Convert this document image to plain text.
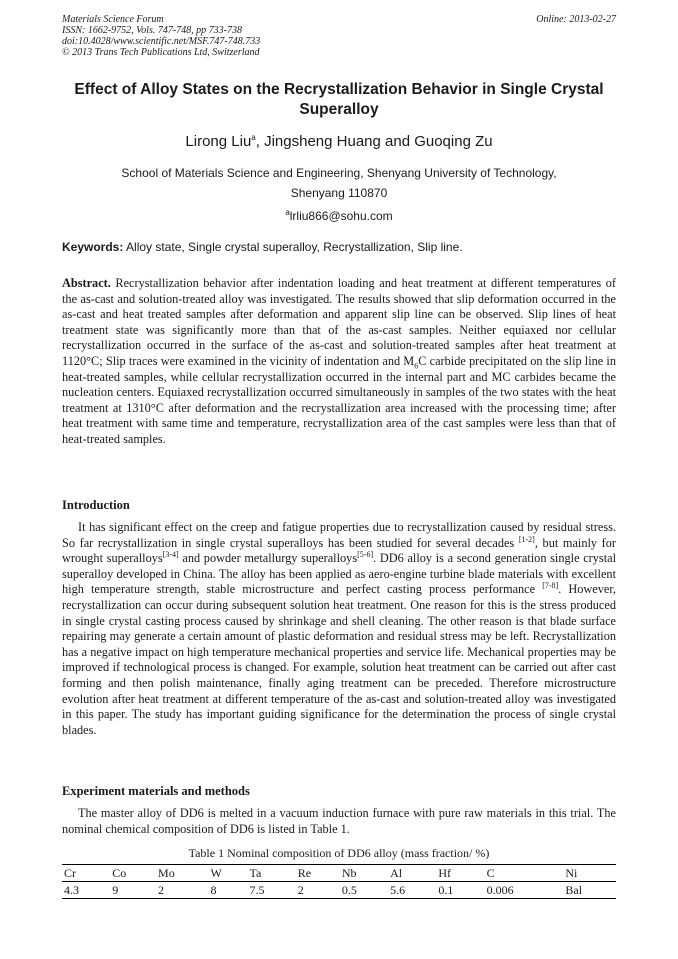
Materials Science Forum
ISSN: 1662-9752, Vols. 747-748, pp 733-738
doi:10.4028/www.scientific.net/MSF.747-748.733
© 2013 Trans Tech Publications Ltd, Switzerland
Online: 2013-02-27
Effect of Alloy States on the Recrystallization Behavior in Single Crystal Superalloy
Lirong Liu$^a$, Jingsheng Huang and Guoqing Zu
School of Materials Science and Engineering, Shenyang University of Technology,
Shenyang 110870
$^a$lrliu866@sohu.com
Keywords: Alloy state, Single crystal superalloy, Recrystallization, Slip line.
Abstract. Recrystallization behavior after indentation loading and heat treatment at different temperatures of the as-cast and solution-treated alloy was investigated. The results showed that slip deformation occurred in the as-cast and heat treated samples after deformation and apparent slip line can be observed. Slip lines of heat treatment state was significantly more than that of the as-cast samples. Neither equiaxed nor cellular recrystallization occurred in the surface of the as-cast and solution-treated samples after heat treatment at 1120°C; Slip traces were examined in the vicinity of indentation and $M_6C$ carbide precipitated on the slip line in heat-treated samples, while cellular recrystallization occurred in the internal part and MC carbides became the nucleation centers. Equiaxed recrystallization occurred simultaneously in samples of the two states with the heat treatment at 1310°C after deformation and the recrystallization area increased with the processing time; after heat treatment with same time and temperature, recrystallization area of the cast samples were less than that of heat-treated samples.
Introduction
It has significant effect on the creep and fatigue properties due to recrystallization caused by residual stress. So far recrystallization in single crystal superalloys has been studied for several decades [1-2], but mainly for wrought superalloys[3-4] and powder metallurgy superalloys[5-6]. DD6 alloy is a second generation single crystal superalloy developed in China. The alloy has been applied as aero-engine turbine blade materials with excellent high temperature strength, stable microstructure and perfect casting process performance [7-8]. However, recrystallization can occur during subsequent solution heat treatment. One reason for this is the stress produced in single crystal casting process caused by shrinkage and shell cleaning. The other reason is that blade surface repairing may generate a certain amount of plastic deformation and residual stress may be left. Recrystallization has a negative impact on high temperature mechanical properties and service life. Mechanical properties may be improved if technological process is changed. For example, solution heat treatment can be carried out after cast forming and then polish maintenance, finally aging treatment can be preceded. Therefore microstructure evolution after heat treatment at different temperature of the as-cast and solution-treated alloy was investigated in this paper. The study has important guiding significance for the determination the process of single crystal blades.
Experiment materials and methods
The master alloy of DD6 is melted in a vacuum induction furnace with pure raw materials in this trial. The nominal chemical composition of DD6 is listed in Table 1.
Table 1 Nominal composition of DD6 alloy (mass fraction/ %)
Cr	Co	Mo	W	Ta	Re	Nb	Al	Hf	C	Ni
4.3	9	2	8	7.5	2	0.5	5.6	0.1	0.006	Bal
